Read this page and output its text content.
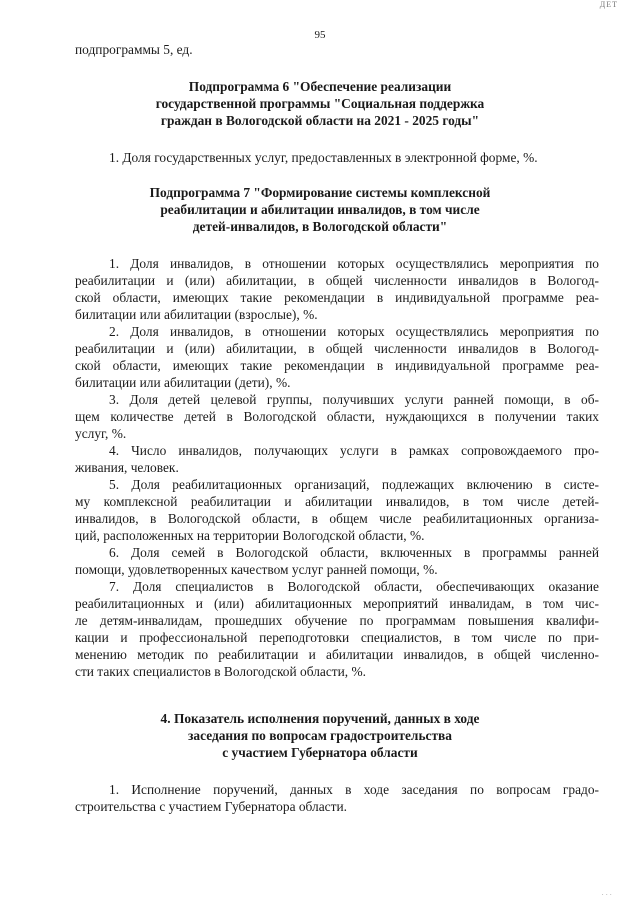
ДЕТ
95
подпрограммы 5, ед.
Подпрограмма 6 "Обеспечение реализации
государственной программы "Социальная поддержка
граждан в Вологодской области на 2021 - 2025 годы"
1. Доля государственных услуг, предоставленных в электронной форме, %.
Подпрограмма 7 "Формирование системы комплексной
реабилитации и абилитации инвалидов, в том числе
детей-инвалидов, в Вологодской области"
1. Доля инвалидов, в отношении которых осуществлялись мероприятия по
реабилитации и (или) абилитации, в общей численности инвалидов в Вологод-
ской области, имеющих такие рекомендации в индивидуальной программе реа-
билитации или абилитации (взрослые), %.
2. Доля инвалидов, в отношении которых осуществлялись мероприятия по
реабилитации и (или) абилитации, в общей численности инвалидов в Вологод-
ской области, имеющих такие рекомендации в индивидуальной программе реа-
билитации или абилитации (дети), %.
3. Доля детей целевой группы, получивших услуги ранней помощи, в об-
щем количестве детей в Вологодской области, нуждающихся в получении таких
услуг, %.
4. Число инвалидов, получающих услуги в рамках сопровождаемого про-
живания, человек.
5. Доля реабилитационных организаций, подлежащих включению в систе-
му комплексной реабилитации и абилитации инвалидов, в том числе детей-
инвалидов, в Вологодской области, в общем числе реабилитационных организа-
ций, расположенных на территории Вологодской области, %.
6. Доля семей в Вологодской области, включенных в программы ранней
помощи, удовлетворенных качеством услуг ранней помощи, %.
7. Доля специалистов в Вологодской области, обеспечивающих оказание
реабилитационных и (или) абилитационных мероприятий инвалидам, в том чис-
ле детям-инвалидам, прошедших обучение по программам повышения квалифи-
кации и профессиональной переподготовки специалистов, в том числе по при-
менению методик по реабилитации и абилитации инвалидов, в общей численно-
сти таких специалистов в Вологодской области, %.
4. Показатель исполнения поручений, данных в ходе
заседания по вопросам градостроительства
с участием Губернатора области
1. Исполнение поручений, данных в ходе заседания по вопросам градо-
строительства с участием Губернатора области.
· · ·
